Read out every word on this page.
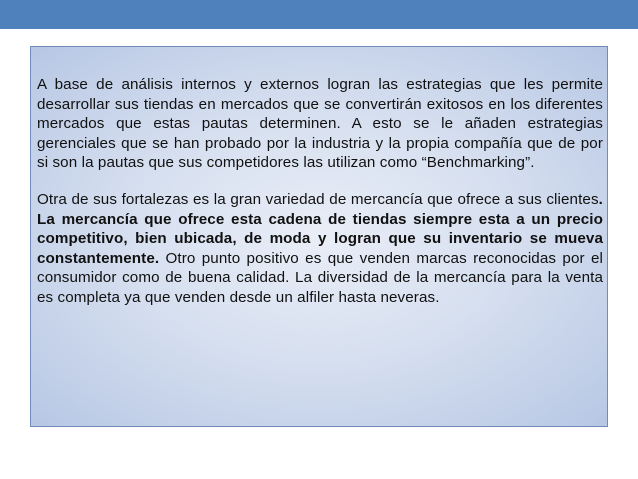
A base de análisis internos y externos logran las estrategias que les permite desarrollar sus tiendas en mercados que se convertirán exitosos en los diferentes mercados que estas pautas determinen. A esto se le añaden estrategias gerenciales que se han probado por la industria y la propia compañía que de por si son la pautas que sus competidores las utilizan como “Benchmarking”.

Otra de sus fortalezas es la gran variedad de mercancía que ofrece a sus clientes. La mercancía que ofrece esta cadena de tiendas siempre esta a un precio competitivo, bien ubicada, de moda y logran que su inventario se mueva constantemente. Otro punto positivo es que venden marcas reconocidas por el consumidor como de buena calidad. La diversidad de la mercancía para la venta es completa ya que venden desde un alfiler hasta neveras.
